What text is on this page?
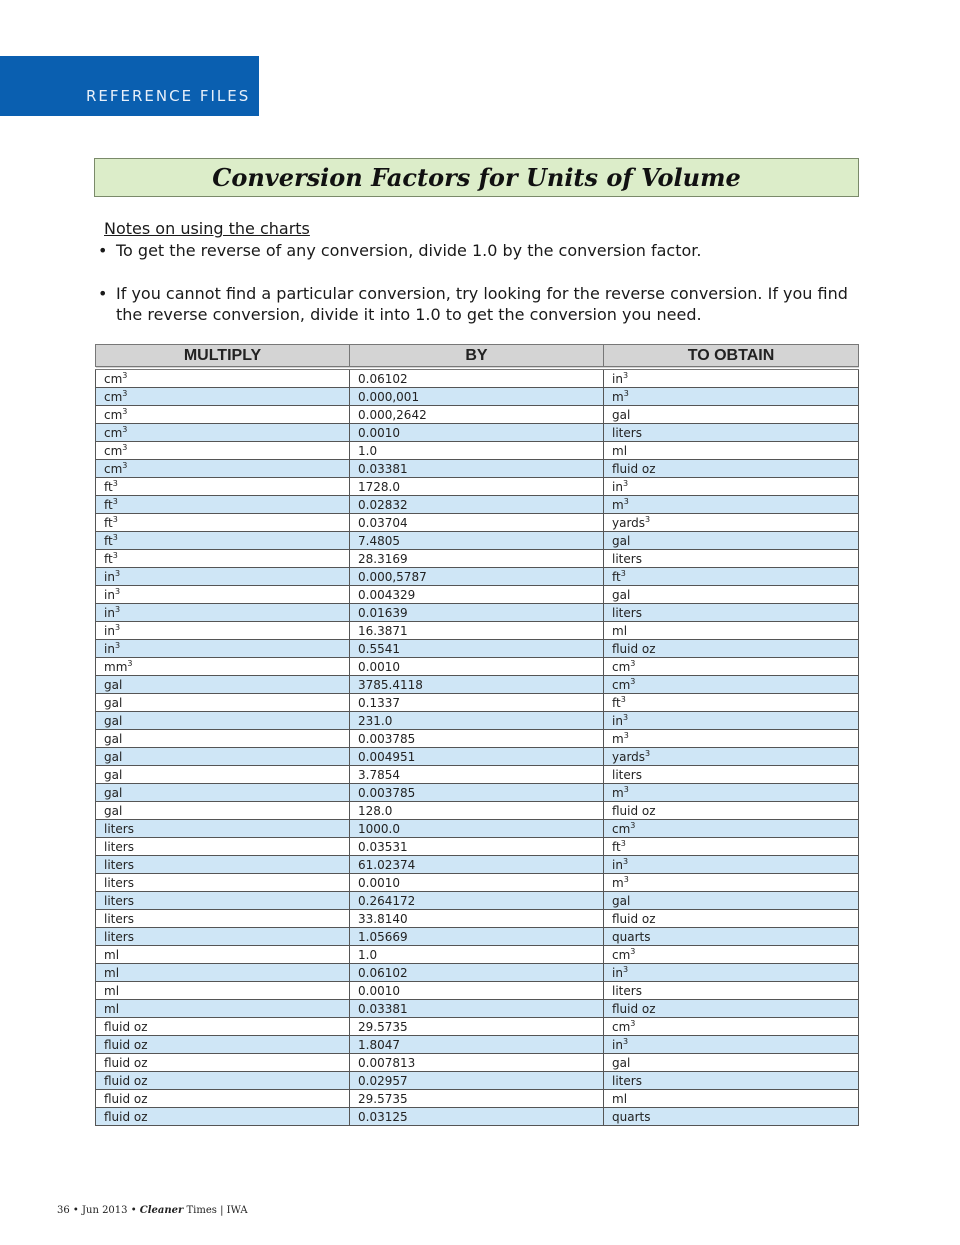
REFERENCE FILES
Conversion Factors for Units of Volume
Notes on using the charts
• To get the reverse of any conversion, divide 1.0 by the conversion factor.
• If you cannot find a particular conversion, try looking for the reverse conversion. If you find the reverse conversion, divide it into 1.0 to get the conversion you need.
MULTIPLY	BY	TO OBTAIN
$cm^3$	0.06102	$in^3$
$cm^3$	0.000,001	$m^3$
$cm^3$	0.000,2642	gal
$cm^3$	0.0010	liters
$cm^3$	1.0	ml
$cm^3$	0.03381	fluid oz
$ft^3$	1728.0	$in^3$
$ft^3$	0.02832	$m^3$
$ft^3$	0.03704	yards$^3$
$ft^3$	7.4805	gal
$ft^3$	28.3169	liters
$in^3$	0.000,5787	$ft^3$
$in^3$	0.004329	gal
$in^3$	0.01639	liters
$in^3$	16.3871	ml
$in^3$	0.5541	fluid oz
$mm^3$	0.0010	$cm^3$
gal	3785.4118	$cm^3$
gal	0.1337	$ft^3$
gal	231.0	$in^3$
gal	0.003785	$m^3$
gal	0.004951	yards$^3$
gal	3.7854	liters
gal	0.003785	$m^3$
gal	128.0	fluid oz
liters	1000.0	$cm^3$
liters	0.03531	$ft^3$
liters	61.02374	$in^3$
liters	0.0010	$m^3$
liters	0.264172	gal
liters	33.8140	fluid oz
liters	1.05669	quarts
ml	1.0	$cm^3$
ml	0.06102	$in^3$
ml	0.0010	liters
ml	0.03381	fluid oz
fluid oz	29.5735	$cm^3$
fluid oz	1.8047	$in^3$
fluid oz	0.007813	gal
fluid oz	0.02957	liters
fluid oz	29.5735	ml
fluid oz	0.03125	quarts
36 • Jun 2013 • Cleaner Times | IWA
